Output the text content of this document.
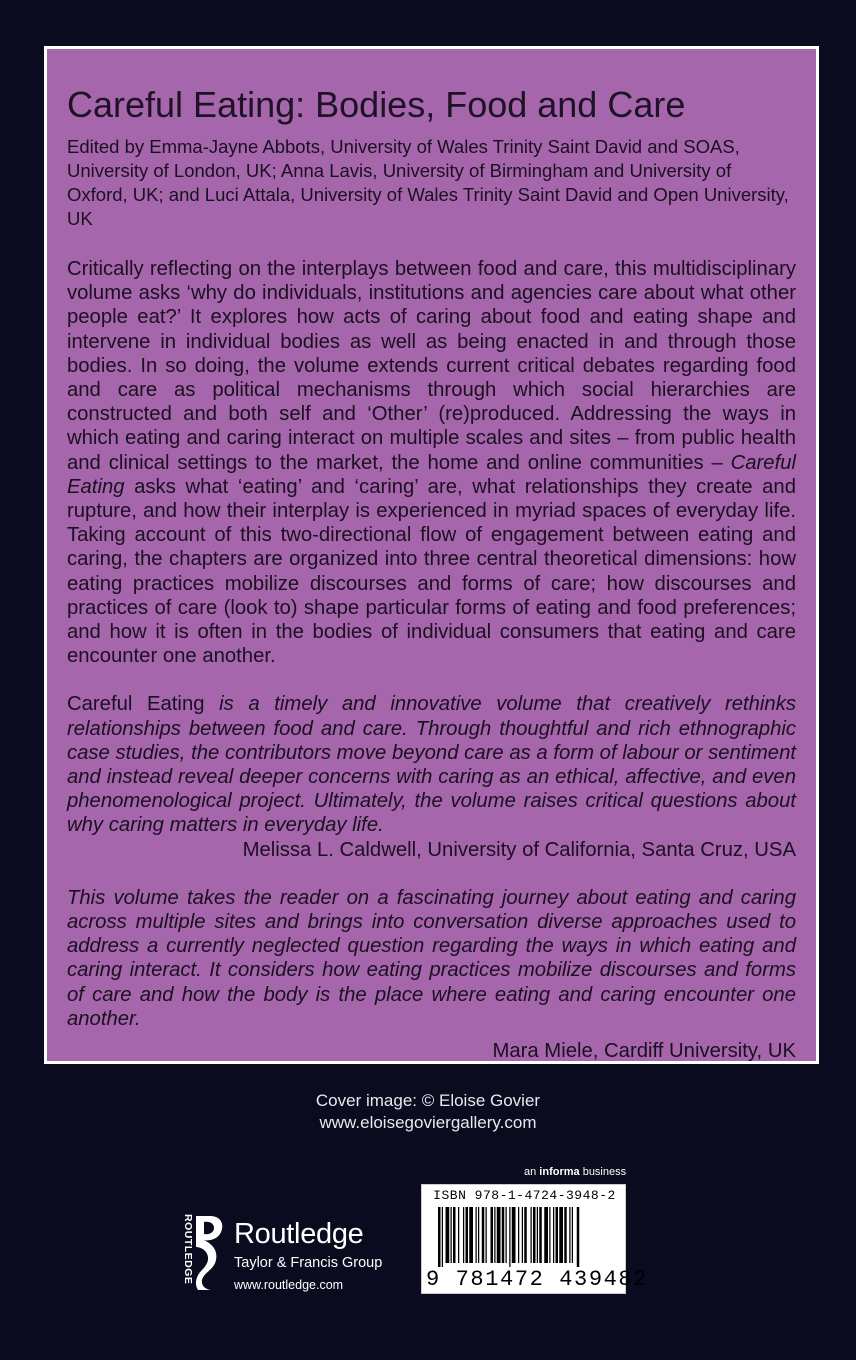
Careful Eating: Bodies, Food and Care

Edited by Emma-Jayne Abbots, University of Wales Trinity Saint David and SOAS, University of London, UK; Anna Lavis, University of Birmingham and University of Oxford, UK; and Luci Attala, University of Wales Trinity Saint David and Open University, UK

Critically reflecting on the interplays between food and care, this multidisciplinary volume asks ‘why do individuals, institutions and agencies care about what other people eat?’ It explores how acts of caring about food and eating shape and intervene in individual bodies as well as being enacted in and through those bodies. In so doing, the volume extends current critical debates regarding food and care as political mechanisms through which social hierarchies are constructed and both self and ‘Other’ (re)produced. Addressing the ways in which eating and caring interact on multiple scales and sites – from public health and clinical settings to the market, the home and online communities – Careful Eating asks what ‘eating’ and ‘caring’ are, what relationships they create and rupture, and how their interplay is experienced in myriad spaces of everyday life. Taking account of this two-directional flow of engagement between eating and caring, the chapters are organized into three central theoretical dimensions: how eating practices mobilize discourses and forms of care; how discourses and practices of care (look to) shape particular forms of eating and food preferences; and how it is often in the bodies of individual consumers that eating and care encounter one another.

Careful Eating is a timely and innovative volume that creatively rethinks relationships between food and care. Through thoughtful and rich ethnographic case studies, the contributors move beyond care as a form of labour or sentiment and instead reveal deeper concerns with caring as an ethical, affective, and even phenomenological project. Ultimately, the volume raises critical questions about why caring matters in everyday life.

Melissa L. Caldwell, University of California, Santa Cruz, USA

This volume takes the reader on a fascinating journey about eating and caring across multiple sites and brings into conversation diverse approaches used to address a currently neglected question regarding the ways in which eating and caring interact. It considers how eating practices mobilize discourses and forms of care and how the body is the place where eating and caring encounter one another.

Mara Miele, Cardiff University, UK

Cover image: © Eloise Govier
www.eloisegoviergallery.com
an informa business
ROUTLEDGE Routledge
Taylor & Francis Group
www.routledge.com
ISBN 978-1-4724-3948-2
9 781472 439482
